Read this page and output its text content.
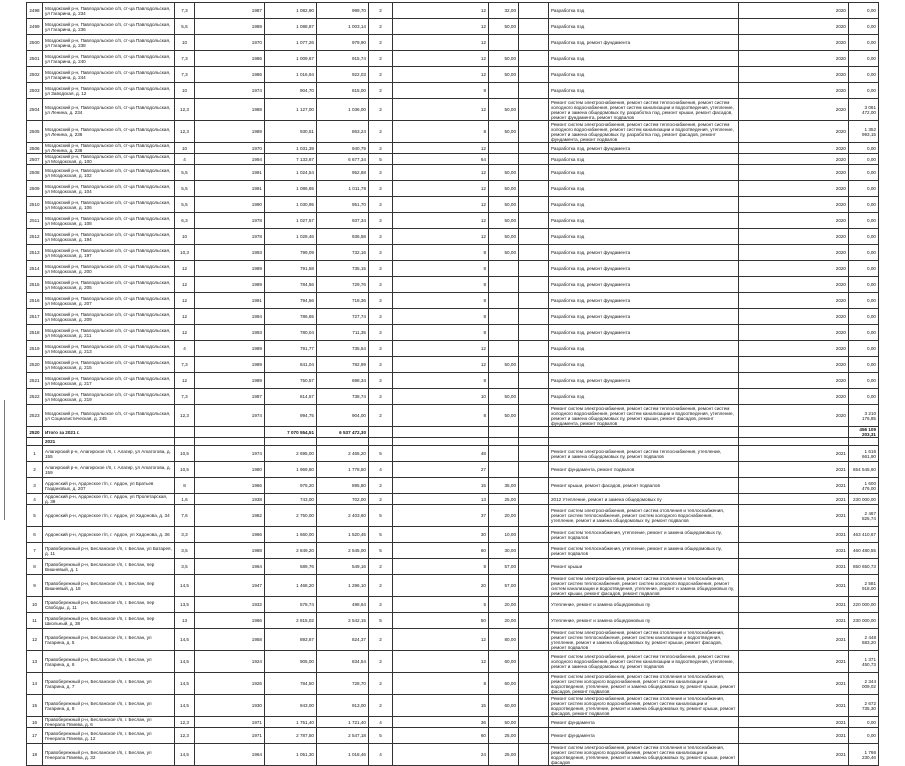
2498	Моздокский р-н, Павлодольское с/п, ст-ца Павлодольская, ул Гагарина, д. 234	7,3	1987	1 082,90	999,70	2	12	32,00		Разработка пэд	2020	0,00
2499	Моздокский р-н, Павлодольское с/п, ст-ца Павлодольская, ул Гагарина, д. 236	5,5	1989	1 088,87	1 003,14	2	12	50,00		Разработка пэд	2020	0,00
2500	Моздокский р-н, Павлодольское с/п, ст-ца Павлодольская, ул Гагарина, д. 238	10	1970	1 077,26	979,90	2	12			Разработка пэд, ремонт фундамента	2020	0,00
2501	Моздокский р-н, Павлодольское с/п, ст-ца Павлодольская, ул Гагарина, д. 240	7,3	1986	1 009,67	915,74	2	12	50,00		Разработка пэд	2020	0,00
2502	Моздокский р-н, Павлодольское с/п, ст-ца Павлодольская, ул Гагарина, д. 244	7,3	1986	1 016,94	922,03	2	12	50,00		Разработка пэд	2020	0,00
2503	Моздокский р-н, Павлодольское с/п, ст-ца Павлодольская, ул Заводская, д. 12	10	1974	904,70	815,00	2	8			Разработка пэд	2020	0,00
2504	Моздокский р-н, Павлодольское с/п, ст-ца Павлодольская, ул Ленина, д. 234	12,3	1988	1 127,00	1 036,00	2	12	50,00		Ремонт систем электроснабжения, ремонт систем теплоснабжения, ремонт систем холодного водоснабжения, ремонт систем канализации и водоотведения, утепление, ремонт и замена общедомовых пу, разработка пэд, ремонт крыши, ремонт фасадов, ремонт фундамента, ремонт подвалов	2020	3 061 472,00
2505	Моздокский р-н, Павлодольское с/п, ст-ца Павлодольская, ул Ленина, д. 236	12,3	1989	930,51	863,24	2	8	50,00		Ремонт систем электроснабжения, ремонт систем теплоснабжения, ремонт систем холодного водоснабжения, ремонт систем канализации и водоотведения, утепление, ремонт и замена общедомовых пу, разработка пэд, ремонт фасадов, ремонт фундамента, ремонт подвалов	2020	1 352 993,15
2506	Моздокский р-н, Павлодольское с/п, ст-ца Павлодольская, ул Ленина, д. 238	10	1970	1 031,39	940,79	2	12			Разработка пэд, ремонт фундамента	2020	0,00
2507	Моздокский р-н, Павлодольское с/п, ст-ца Павлодольская, ул Моздокская, д. 100	4	1994	7 133,67	6 677,34	5	64			Разработка пэд	2020	0,00
2508	Моздокский р-н, Павлодольское с/п, ст-ца Павлодольская, ул Моздокская, д. 102	5,5	1991	1 024,54	952,68	2	12	50,00		Разработка пэд	2020	0,00
2509	Моздокский р-н, Павлодольское с/п, ст-ца Павлодольская, ул Моздокская, д. 104	5,5	1991	1 086,65	1 011,78	2	12	50,00		Разработка пэд	2020	0,00
2510	Моздокский р-н, Павлодольское с/п, ст-ца Павлодольская, ул Моздокская, д. 106	5,5	1990	1 030,95	951,70	2	12	50,00		Разработка пэд	2020	0,00
2511	Моздокский р-н, Павлодольское с/п, ст-ца Павлодольская, ул Моздокская, д. 108	6,3	1978	1 027,57	937,34	2	12	50,00		Разработка пэд	2020	0,00
2512	Моздокский р-н, Павлодольское с/п, ст-ца Павлодольская, ул Моздокская, д. 194	10	1978	1 028,46	936,58	2	12	50,00		Разработка пэд	2020	0,00
2513	Моздокский р-н, Павлодольское с/п, ст-ца Павлодольская, ул Моздокская, д. 197	10,3	1993	799,09	732,16	2	8	50,00		Разработка пэд, ремонт фундамента	2020	0,00
2514	Моздокский р-н, Павлодольское с/п, ст-ца Павлодольская, ул Моздокская, д. 200	12	1989	791,58	735,15	2	8			Разработка пэд, ремонт фундамента	2020	0,00
2515	Моздокский р-н, Павлодольское с/п, ст-ца Павлодольская, ул Моздокская, д. 205	12	1989	784,56	729,76	2	8			Разработка пэд, ремонт фундамента	2020	0,00
2516	Моздокский р-н, Павлодольское с/п, ст-ца Павлодольская, ул Моздокская, д. 207	12	1991	794,56	718,36	2	8			Разработка пэд, ремонт фундамента	2020	0,00
2517	Моздокский р-н, Павлодольское с/п, ст-ца Павлодольская, ул Моздокская, д. 209	12	1994	786,65	727,74	2	8			Разработка пэд, ремонт фундамента	2020	0,00
2518	Моздокский р-н, Павлодольское с/п, ст-ца Павлодольская, ул Моздокская, д. 211	12	1993	780,04	711,35	2	8			Разработка пэд, ремонт фундамента	2020	0,00
2519	Моздокский р-н, Павлодольское с/п, ст-ца Павлодольская, ул Моздокская, д. 213	4	1989	791,77	735,54	2	12			Разработка пэд	2020	0,00
2520	Моздокский р-н, Павлодольское с/п, ст-ца Павлодольская, ул Моздокская, д. 215	7,3	1989	841,04	782,99	2	12	50,00		Разработка пэд	2020	0,00
2521	Моздокский р-н, Павлодольское с/п, ст-ца Павлодольская, ул Моздокская, д. 217	12	1989	750,57	698,34	2	8			Разработка пэд, ремонт фундамента	2020	0,00
2522	Моздокский р-н, Павлодольское с/п, ст-ца Павлодольская, ул Моздокская, д. 219	7,3	1987	814,57	738,74	2	10	50,00		Разработка пэд	2020	0,00
2523	Моздокский р-н, Павлодольское с/п, ст-ца Павлодольская, ул Социалистическая, д. 245	12,3	1974	994,75	904,00	2	8	50,00		Ремонт систем электроснабжения, ремонт систем теплоснабжения, ремонт систем холодного водоснабжения, ремонт систем канализации и водоотведения, утепление, ремонт и замена общедомовых пу, ремонт крыши, ремонт фасадов, ремонт фундамента, ремонт подвалов	2020	3 210 176,85
2520	Итого за 2021 г.			7 070 554,51	6 537 472,30							456 109 203,31
	2021											
1	Алагирский р-н, Алагирское г/п, г. Алагир, ул Агкатогова, д. 155	10,5	1974	2 695,00	2 465,20	5	48			Ремонт систем электроснабжения, ремонт систем теплоснабжения, утепление, ремонт и замена общедомовых пу, ремонт подвалов	2021	1 616 661,90
2	Алагирский р-н, Алагирское г/п, г. Алагир, ул Агкатогова, д. 159	10,5	1980	1 969,60	1 778,50	4	27			Ремонт фундамента, ремонт подвалов	2021	654 545,60
3	Ардонский р-н, Ардонское г/п, г. Ардон, ул Братьев Газдановых, д. 207	8	1966	975,20	895,80	2	15	35,00		Ремонт крыши, ремонт фасадов, ремонт подвалов	2021	1 600 476,00
4	Ардонский р-н, Ардонское г/п, г. Ардон, ул Пролетарская, д. 39	1,6	1938	743,00	702,00	2	13	25,00		2012 Утепление, ремонт и замена общедомовых пу	2021	230 000,00
5	Ардонский р-н, Ардонское г/п, г. Ардон, ул Хадонова, д. 34	7,6	1982	2 750,00	2 403,60	5	37	20,00		Ремонт систем электроснабжения, ремонт систем отопления и теплоснабжения, ремонт систем теплоснабжения, ремонт систем холодного водоснабжения, утепление, ремонт и замена общедомовых пу, ремонт подвалов	2021	2 467 825,74
6	Ардонский р-н, Ардонское г/п, г. Ардон, ул Хадонова, д. 36	3,3	1966	1 660,00	1 520,45	5	30	10,00		Ремонт систем теплоснабжения, утепление, ремонт и замена общедомовых пу, ремонт подвалов	2021	463 410,67
7	Правобережный р-н, Бесланское г/п, г. Беслан, ул Батарея, д. 11	3,5	1988	2 849,20	2 545,00	5	60	30,00		Ремонт систем теплоснабжения, утепление, ремонт и замена общедомовых пу, ремонт подвалов	2021	460 480,55
8	Правобережный р-н, Бесланское г/п, г. Беслан, пер Вишневый, д. 1	3,5	1964	589,76	549,16	2	8	57,00		Ремонт крыши	2021	650 650,73
9	Правобережный р-н, Бесланское г/п, г. Беслан, пер Вишневый, д. 18	14,5	1947	1 468,20	1 296,10	2	20	57,00		Ремонт систем электроснабжения, ремонт систем отопления и теплоснабжения, ремонт систем теплоснабжения, ремонт систем холодного водоснабжения, ремонт систем канализации и водоотведения, утепление, ремонт и замена общедомовых пу, ремонт крыши, ремонт фасадов, ремонт подвалов	2021	2 581 918,00
10	Правобережный р-н, Бесланское г/п, г. Беслан, пер Свободы, д. 11	13,5	1932	578,74	498,64	2	5	20,00		Утепление, ремонт и замена общедомовых пу	2021	220 000,00
11	Правобережный р-н, Бесланское г/п, г. Беслан, пер Школьный, д. 38	13	1966	2 815,02	2 542,15	5	50	20,00		Утепление, ремонт и замена общедомовых пу	2021	230 000,00
12	Правобережный р-н, Бесланское г/п, г. Беслан, ул Гагарина, д. 5	14,5	1958	893,67	824,37	2	12	80,00		Ремонт систем электроснабжения, ремонт систем отопления и теплоснабжения, ремонт систем теплоснабжения, ремонт систем канализации и водоотведения, утепление, ремонт и замена общедомовых пу, ремонт крыши, ремонт фасадов, ремонт подвалов	2021	2 448 683,20
13	Правобережный р-н, Бесланское г/п, г. Беслан, ул Гагарина, д. 6	14,5	1924	905,00	834,54	2	12	60,00		Ремонт систем электроснабжения, ремонт систем теплоснабжения, ремонт систем холодного водоснабжения, ремонт систем канализации и водоотведения, утепление, ремонт и замена общедомовых пу, ремонт подвалов	2021	1 371 450,73
14	Правобережный р-н, Бесланское г/п, г. Беслан, ул Гагарина, д. 7	14,5	1926	784,50	728,70	2	8	60,00		Ремонт систем электроснабжения, ремонт систем отопления и теплоснабжения, ремонт систем холодного водоснабжения, ремонт систем канализации и водоотведения, утепление, ремонт и замена общедомовых пу, ремонт крыши, ремонт фасадов, ремонт подвалов	2021	2 344 009,02
15	Правобережный р-н, Бесланское г/п, г. Беслан, ул Гагарина, д. 8	14,5	1930	943,00	913,00	2	15	60,00		Ремонт систем электроснабжения, ремонт систем отопления и теплоснабжения, ремонт систем холодного водоснабжения, ремонт систем канализации и водоотведения, утепление, ремонт и замена общедомовых пу, ремонт крыши, ремонт фасадов, ремонт подвалов	2021	2 672 735,30
16	Правобережный р-н, Бесланское г/п, г. Беслан, ул Генерала Плиева, д. 6	12,3	1971	1 751,40	1 721,40	4	36	50,00		Ремонт фундамента	2021	0,00
17	Правобережный р-н, Бесланское г/п, г. Беслан, ул Генерала Плиева, д. 12	12,3	1971	2 787,50	2 547,18	5	60	25,00		Ремонт фундамента	2021	0,00
18	Правобережный р-н, Бесланское г/п, г. Беслан, ул Генерала Плиева, д. 32	14,5	1964	1 051,30	1 018,46	4	24	25,00		Ремонт систем электроснабжения, ремонт систем отопления и теплоснабжения, ремонт систем холодного водоснабжения, ремонт систем канализации и водоотведения, утепление, ремонт и замена общедомовых пу, ремонт крыши, ремонт фасадов	2021	1 766 230,46
